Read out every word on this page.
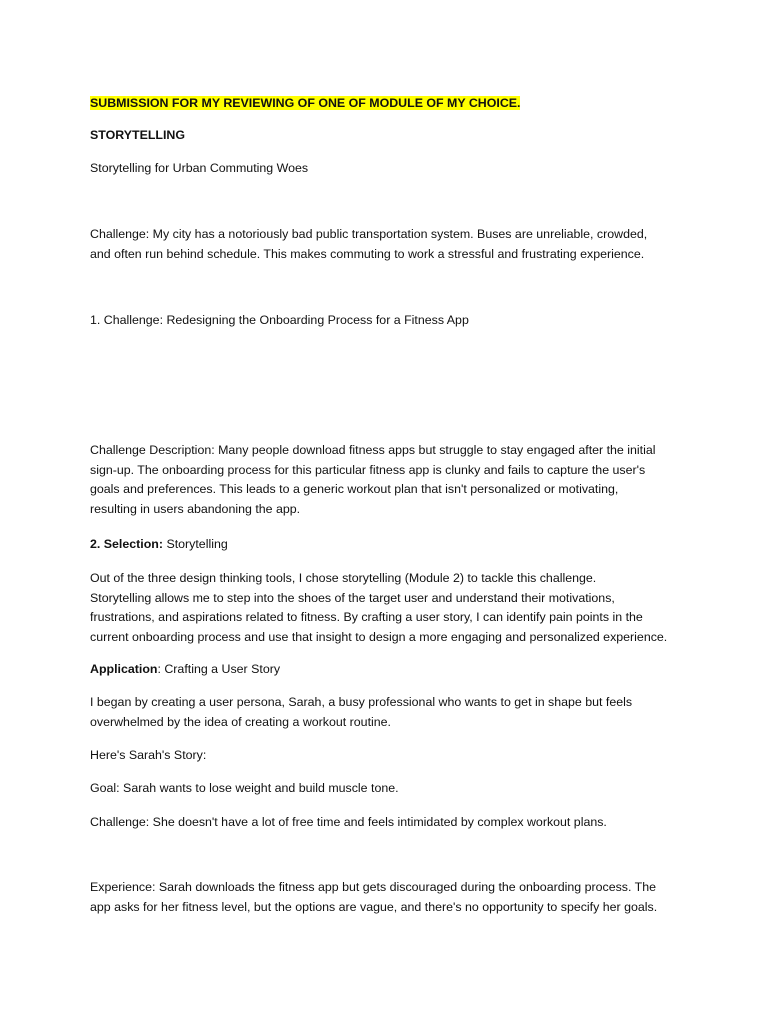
SUBMISSION FOR MY REVIEWING OF ONE OF MODULE OF MY CHOICE.

STORYTELLING

Storytelling for Urban Commuting Woes

Challenge: My city has a notoriously bad public transportation system. Buses are unreliable, crowded,
and often run behind schedule. This makes commuting to work a stressful and frustrating experience.

1. Challenge: Redesigning the Onboarding Process for a Fitness App

Challenge Description: Many people download fitness apps but struggle to stay engaged after the initial
sign-up. The onboarding process for this particular fitness app is clunky and fails to capture the user's
goals and preferences. This leads to a generic workout plan that isn't personalized or motivating,
resulting in users abandoning the app.

2. Selection: Storytelling

Out of the three design thinking tools, I chose storytelling (Module 2) to tackle this challenge.
Storytelling allows me to step into the shoes of the target user and understand their motivations,
frustrations, and aspirations related to fitness. By crafting a user story, I can identify pain points in the
current onboarding process and use that insight to design a more engaging and personalized experience.

Application: Crafting a User Story

I began by creating a user persona, Sarah, a busy professional who wants to get in shape but feels
overwhelmed by the idea of creating a workout routine.

Here's Sarah's Story:

Goal: Sarah wants to lose weight and build muscle tone.

Challenge: She doesn't have a lot of free time and feels intimidated by complex workout plans.

Experience: Sarah downloads the fitness app but gets discouraged during the onboarding process. The
app asks for her fitness level, but the options are vague, and there's no opportunity to specify her goals.
